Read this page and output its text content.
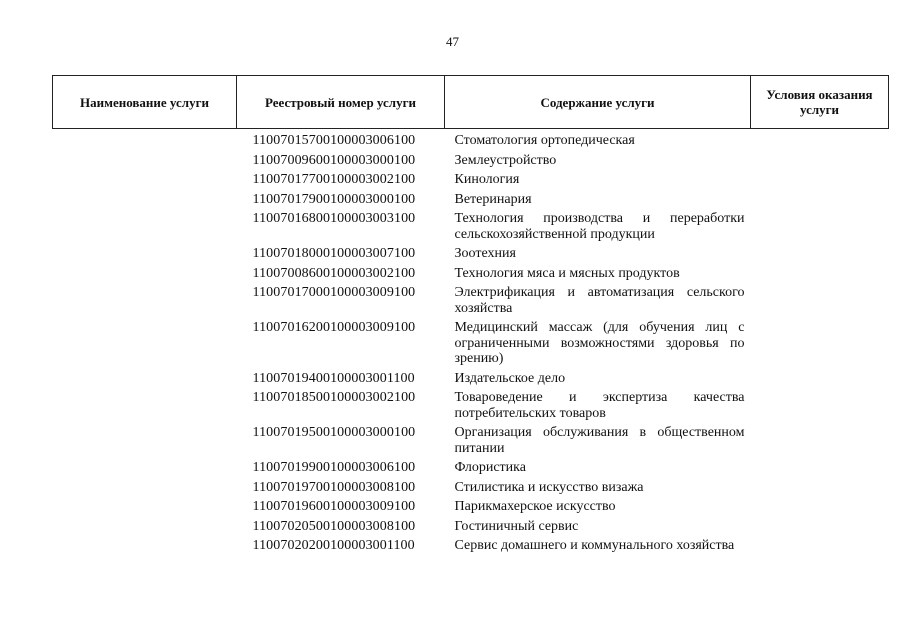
47
Наименование услуги	Реестровый номер услуги	Содержание услуги	Условия оказания услуги
	11007015700100003006100	Стоматология ортопедическая	
	11007009600100003000100	Землеустройство	
	11007017700100003002100	Кинология	
	11007017900100003000100	Ветеринария	
	11007016800100003003100	Технология производства и переработки сельскохозяйственной продукции	
	11007018000100003007100	Зоотехния	
	11007008600100003002100	Технология мяса и мясных продуктов	
	11007017000100003009100	Электрификация и автоматизация сельского хозяйства	
	11007016200100003009100	Медицинский массаж (для обучения лиц с ограниченными возможностями здоровья по зрению)	
	11007019400100003001100	Издательское дело	
	11007018500100003002100	Товароведение и экспертиза качества потребительских товаров	
	11007019500100003000100	Организация обслуживания в общественном питании	
	11007019900100003006100	Флористика	
	11007019700100003008100	Стилистика и искусство визажа	
	11007019600100003009100	Парикмахерское искусство	
	11007020500100003008100	Гостиничный сервис	
	11007020200100003001100	Сервис домашнего и коммунального хозяйства	
